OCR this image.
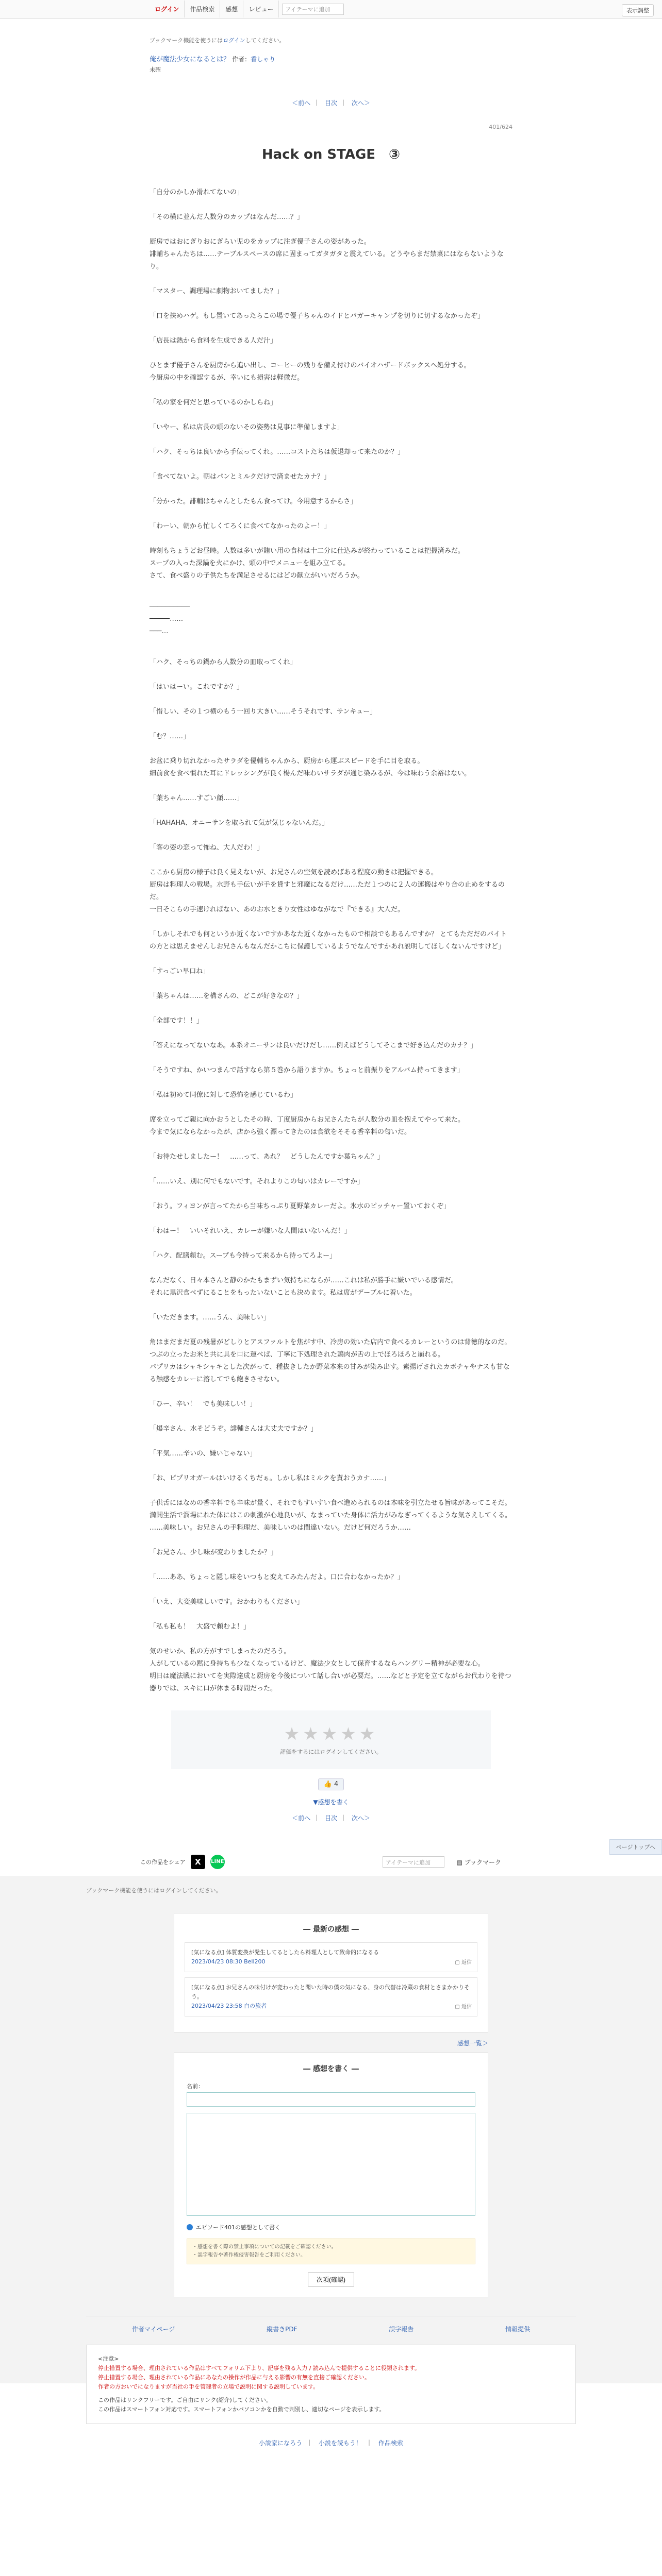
ログイン	作品検索	感想	レビュー	アイテーマに追加	表示調整
ブックマーク機能を使うにはログインしてください。
俺が魔法少女になるとは？ 作者：香しゃり
未確
＜前へ ｜ 目次 ｜ 次へ＞
401/624
Hack on STAGE　③

「自分のかしか滑れてないの」

「その横に並んだ人数分のカップはなんだ……？」

厨房ではおにぎりおにぎらい児のをカップに注ぎ優子さんの姿があった。
誹輔ちゃんたちは……テーブルスペースの席に固まってガタガタと震えている。どうやらまだ禁菓にはならないようなり。

「マスター、調理場に劇物おいてました？」

「口を挟めハゲ。もし置いてあったらこの場で優子ちゃんのイドとバガーキャンプを切りに切するなかったぞ」

「店長は熱から食料を生成できる人だ汁」

ひとまず優子さんを厨房から追い出し、コーヒーの残りを備え付けのバイオハザードボックスへ処分する。
今厨房の中を確認するが、幸いにも損害は軽微だ。

「私の家を何だと思っているのかしらね」

「いやー、私は店長の頭のないその姿勢は見事に準備しますよ」

「ハク、そっちは良いから手伝ってくれ。……コストたちは仮退却って来たのか？」

「食べてないよ。朝はパンとミルクだけで済ませたカナ？」

「分かった。誹輔はちゃんとしたもん食ってけ。今用意するからさ」

「わーい、朝から忙しくてろくに食べてなかったのよー！」

時刻もちょうどお昼時。人数は多いが賄い用の食材は十二分に仕込みが終わっていることは把握済みだ。
スープの入った深鍋を火にかけ、頭の中でメニューを組み立てる。
さて、食べ盛りの子供たちを満足させるにはどの献立がいいだろうか。

──────────
─────……
───…

「ハク、そっちの鍋から人数分の皿取ってくれ」

「はいはーい。これですか？」

「惜しい、その１つ横のもう一回り大きい……そうそれです、サンキュー」

「む？……」

お盆に乗り切れなかったサラダを優輔ちゃんから、厨房から運ぶスピードを手に目を取る。
細前食を食べ慣れた耳にドレッシングが良く楊んだ味わいサラダが通じ染みるが、今は味わう余裕はない。

「葉ちゃん……すごい顔……」

「HAHAHA、オニーサンを取られて気が気じゃないんだ。」

「客の姿の恋って怖ね、大人だわ！」

ここから厨房の様子は良く見えないが、お兄さんの空気を読めばある程度の動きは把握できる。
厨房は料理人の戦場。水野も手伝いが手を貸すと邪魔になるだけ……ただ１つのに２人の運搬はやり合の止めをするのだ。
一日そこらの手速ければない、あのお水ときり女性はゆながなで『できる』大人だ。

「しかしそれでも何というか近くないですかあなた近くなかったもので相談でもあるんですか？ とてもただだのバイトの方とは思えませんしお兄さんもなんだかこちに保護しているようでなんですかあれ説明してほしくないんですけど」

「すっごい早口ね」

「葉ちゃんは……を構さんの、どこが好きなの？」

「全部です！！」

「答えになってないなあ。本系オニーサンは良いだけだし……例えばどうしてそこまで好き込んだのカナ？」

「そうですね、かいつまんで話すなら第５巻から語りますか。ちょっと前振りをアルバム持ってきます」

「私は初めて同僚に対して恐怖を感じているわ」

席を立ってご親に向かおうとしたその時、丁度厨房からお兄さんたちが人数分の皿を抱えてやって来た。
今まで気にならなかったが、店から強く漂ってきたのは食欲をそそる香辛料の匂いだ。

「お待たせしましたー！　……って、あれ？　どうしたんですか葉ちゃん？」

「……いえ、別に何でもないです。それよりこの匂いはカレーですか」

「おう。フィヨンが言ってたから当味ちっぷり夏野菜カレーだよ。氷水のピッチャー置いておくぞ」

「わはー！　いいそれいえ、カレーが嫌いな人間はいないんだ！」

「ハク、配膳頼む。スープも今持って来るから待ってろよー」

なんだなく、日々本さんと静のかたもまずい気持ちにならが……これは私が勝手に嫌いでいる感情だ。
それに黒沢食べずにることをもったいないことも決めます。私は席がデーブルに着いた。

「いただきます。……うん、美味しい」

角はまだまだ夏の残暑がどしりとアスファルトを焦がす中、冷房の効いた店内で食べるカレーというのは背徳的なのだ。
つぶの立ったお米と共に具を口に運べば、丁寧に下処理された鶏肉が舌の上でほろほろと崩れる。
パプリカはシャキシャキとした次がって、種抜きしたか野菜本来の甘みが染み出す。素揚げされたカボチャやナスも甘なる触感をカレーに溶してでも飽きさせない。

「ひー、辛い！　でも美味しい！」

「爆辛さん、水そどうぞ。誹輔さんは大丈夫ですか？」

「平気……辛いの、嫌いじゃない」

「お、ピプリオガールはいけるくちだぁ。しかし私はミルクを貰おうカナ……」

子供舌にはなめの香辛料でも辛味が量く、それでもすいすい食べ進められるのは本味を引立たせる旨味があってこそだ。
満開生活で溜場にれた体にはこの刺激が心地良いが、なまっていた身体に活力がみなぎってくるような気さえしてくる。
……美味しい。お兄さんの手料理だ、美味しいのは間違いない。だけど何だろうか……

「お兄さん、少し味が変わりましたか？」

「……ああ、ちょっと隠し味をいつもと変えてみたんだよ。口に合わなかったか？」

「いえ、大変美味しいです。おかわりもください」

「私も私も！　大盛で頼むよ！」

気のせいか、私の方がすでしまったのだろう。
人がしているの黙に身持ちも少なくなっているけど、魔法少女として保育するならハングリー精神が必要な心。
明日は魔法戦においてを実際達成と厨房を今後について話し合いが必要だ。……などと予定を立てながらお代わりを待つ器りでは、スキに口が休まる時間だった。

★★★★★
評価をするにはログインしてください。
👍 4
▼感想を書く
＜前へ ｜ 目次 ｜ 次へ＞
この作品をシェア	X	LINE	アイテーマに追加	▤ ブックマーク
ブックマーク機能を使うにはログインしてください。
― 最新の感想 ―
[気になる点] 体質変換が発生してるとしたら料理人として致命的になるる
2023/04/23 08:30 Bell200	▢ 返信
[気になる点] お兄さんの味付けが変わったと聞いた時の僕の気になる、身の代替は冷蔵の食材とさまかかりそう。
2023/04/23 23:58 白の旅者	▢ 返信
感想一覧＞
― 感想を書く ―
名前：
エピソード401の感想として書く
・感想を書く際の禁止事項についての記載をご確認ください。
・誤字報告や著作権侵害報告をご利用ください。
次項(確認)
作者マイページ	縦書きPDF	誤字報告	情報提供
<注意>
停止措置する場合、理由されている作品はすべてフォリム下より、記事を残る入力 / 読み込んで提供することに役類されます。
停止措置する場合、理由されている作品にあなたの操作が作品に与える影響の有無を直接ご確認ください。
作者の方おいでになりますが当社の手を管理者の立場で説明に関する説明しています。
この作品はリンクフリーです。ご自由にリンク(紹介)してください。
この作品はスマートフォン対応です。スマートフォンかパソコンかを自動で判別し、適切なページを表示します。
小説家になろう ｜ 小説を読もう！ ｜ 作品検索
ページトップへ
